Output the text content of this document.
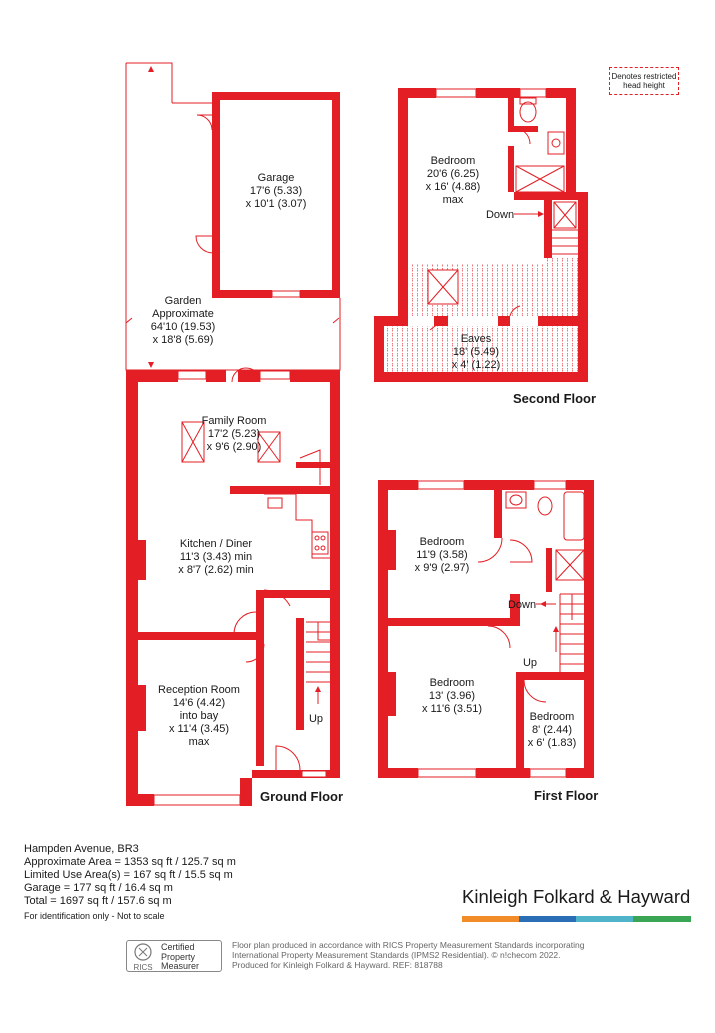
Garage
17'6 (5.33)
x 10'1 (3.07)
Garden
Approximate
64'10 (19.53)
x 18'8 (5.69)
Family Room
17'2 (5.23)
x 9'6 (2.90)
Kitchen / Diner
11'3 (3.43) min
x 8'7 (2.62) min
Reception Room
14'6 (4.42)
into bay
x 11'4 (3.45)
max
Up
Bedroom
20'6 (6.25)
x 16' (4.88)
max
Down
Eaves
18' (5.49)
x 4' (1.22)
Bedroom
11'9 (3.58)
x 9'9 (2.97)
Down
Up
Bedroom
13' (3.96)
x 11'6 (3.51)
Bedroom
8' (2.44)
x 6' (1.83)
Ground Floor	First Floor
Second Floor
Denotes restricted head height
Hampden Avenue, BR3
Approximate Area = 1353 sq ft / 125.7 sq m
Limited Use Area(s) = 167 sq ft / 15.5 sq m
Garage = 177 sq ft / 16.4 sq m
Total = 1697 sq ft / 157.6 sq m
For identification only - Not to scale
Kinleigh Folkard & Hayward
RICS
Certified
Property
Measurer
Floor plan produced in accordance with RICS Property Measurement Standards incorporating
International Property Measurement Standards (IPMS2 Residential). © n!checom 2022.
Produced for Kinleigh Folkard & Hayward. REF: 818788
